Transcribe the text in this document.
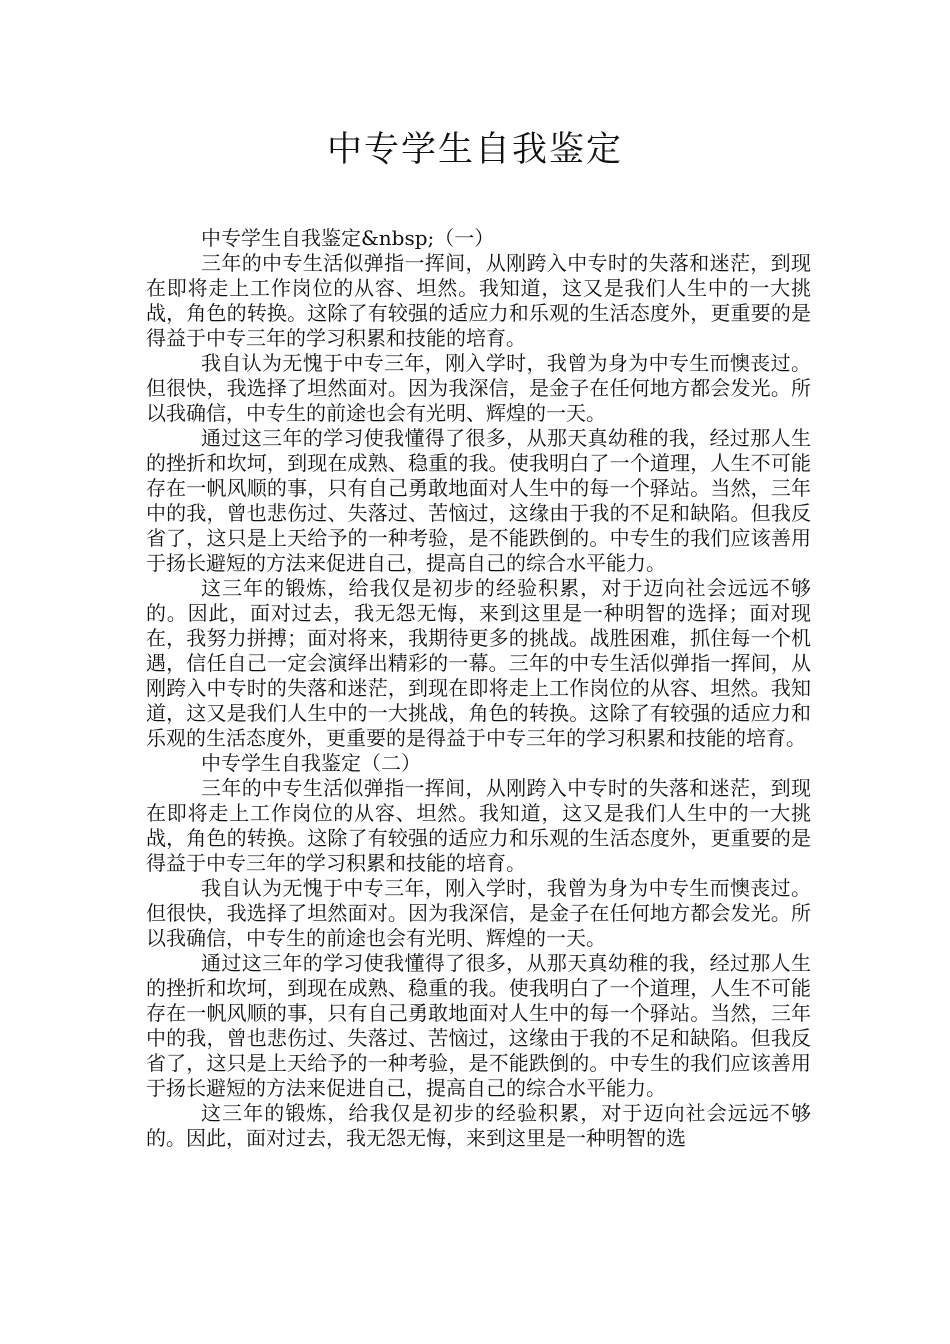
中专学生自我鉴定

中专学生自我鉴定&nbsp;（一）

三年的中专生活似弹指一挥间，从刚跨入中专时的失落和迷茫，到现在即将走上工作岗位的从容、坦然。我知道，这又是我们人生中的一大挑战，角色的转换。这除了有较强的适应力和乐观的生活态度外，更重要的是得益于中专三年的学习积累和技能的培育。

我自认为无愧于中专三年，刚入学时，我曾为身为中专生而懊丧过。但很快，我选择了坦然面对。因为我深信，是金子在任何地方都会发光。所以我确信，中专生的前途也会有光明、辉煌的一天。

通过这三年的学习使我懂得了很多，从那天真幼稚的我，经过那人生的挫折和坎坷，到现在成熟、稳重的我。使我明白了一个道理，人生不可能存在一帆风顺的事，只有自己勇敢地面对人生中的每一个驿站。当然，三年中的我，曾也悲伤过、失落过、苦恼过，这缘由于我的不足和缺陷。但我反省了，这只是上天给予的一种考验，是不能跌倒的。中专生的我们应该善用于扬长避短的方法来促进自己，提高自己的综合水平能力。

这三年的锻炼，给我仅是初步的经验积累，对于迈向社会远远不够的。因此，面对过去，我无怨无悔，来到这里是一种明智的选择；面对现在，我努力拼搏；面对将来，我期待更多的挑战。战胜困难，抓住每一个机遇，信任自己一定会演绎出精彩的一幕。三年的中专生活似弹指一挥间，从刚跨入中专时的失落和迷茫，到现在即将走上工作岗位的从容、坦然。我知道，这又是我们人生中的一大挑战，角色的转换。这除了有较强的适应力和乐观的生活态度外，更重要的是得益于中专三年的学习积累和技能的培育。

中专学生自我鉴定（二）

三年的中专生活似弹指一挥间，从刚跨入中专时的失落和迷茫，到现在即将走上工作岗位的从容、坦然。我知道，这又是我们人生中的一大挑战，角色的转换。这除了有较强的适应力和乐观的生活态度外，更重要的是得益于中专三年的学习积累和技能的培育。

我自认为无愧于中专三年，刚入学时，我曾为身为中专生而懊丧过。但很快，我选择了坦然面对。因为我深信，是金子在任何地方都会发光。所以我确信，中专生的前途也会有光明、辉煌的一天。

通过这三年的学习使我懂得了很多，从那天真幼稚的我，经过那人生的挫折和坎坷，到现在成熟、稳重的我。使我明白了一个道理，人生不可能存在一帆风顺的事，只有自己勇敢地面对人生中的每一个驿站。当然，三年中的我，曾也悲伤过、失落过、苦恼过，这缘由于我的不足和缺陷。但我反省了，这只是上天给予的一种考验，是不能跌倒的。中专生的我们应该善用于扬长避短的方法来促进自己，提高自己的综合水平能力。

这三年的锻炼，给我仅是初步的经验积累，对于迈向社会远远不够的。因此，面对过去，我无怨无悔，来到这里是一种明智的选
